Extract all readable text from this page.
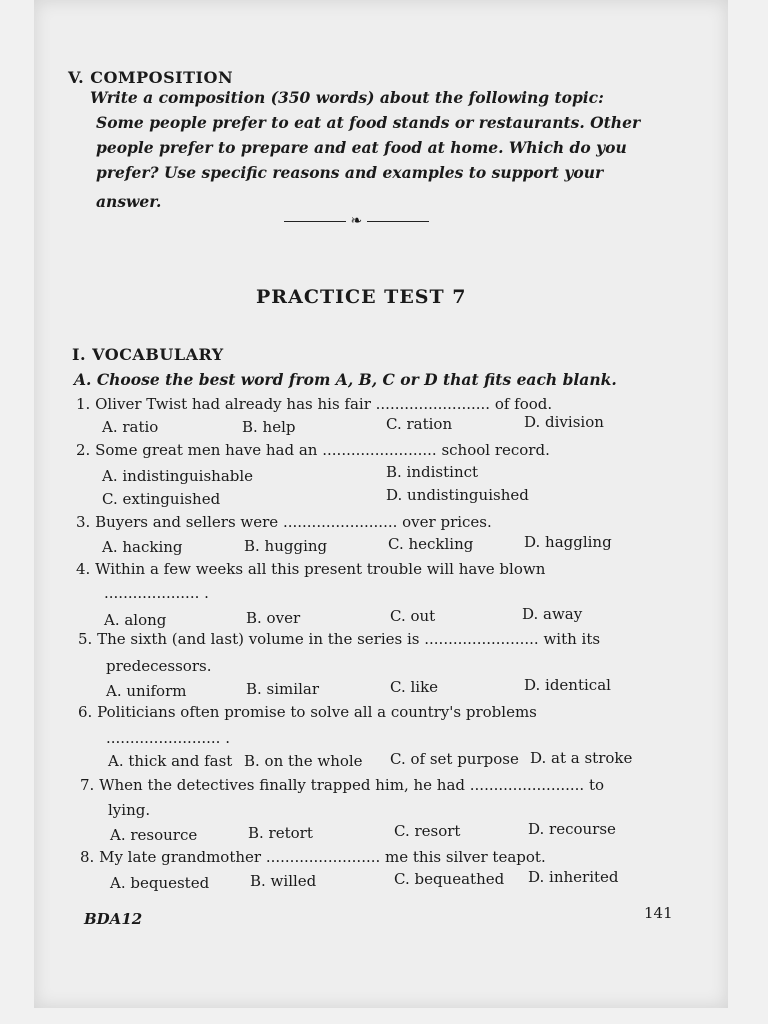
V. COMPOSITION
Write a composition (350 words) about the following topic:
Some people prefer to eat at food stands or restaurants. Other
people prefer to prepare and eat food at home. Which do you
prefer? Use specific reasons and examples to support your
answer.
❧
PRACTICE TEST 7
I. VOCABULARY
A. Choose the best word from A, B, C or D that fits each blank.
1. Oliver Twist had already has his fair ........................ of food.
A. ratio	B. help	C. ration	D. division
2. Some great men have had an ........................ school record.
A. indistinguishable	B. indistinct
C. extinguished	D. undistinguished
3. Buyers and sellers were ........................ over prices.
A. hacking	B. hugging	C. heckling	D. haggling
4. Within a few weeks all this present trouble will have blown
.................... .
A. along	B. over	C. out	D. away
5. The sixth (and last) volume in the series is ........................ with its
predecessors.
A. uniform	B. similar	C. like	D. identical
6. Politicians often promise to solve all a country's problems
........................ .
A. thick and fast B. on the whole C. of set purpose D. at a stroke
7. When the detectives finally trapped him, he had ........................ to
lying.
A. resource	B. retort	C. resort	D. recourse
8. My late grandmother ........................ me this silver teapot.
A. bequested	B. willed	C. bequeathed D. inherited
BDA12	141
